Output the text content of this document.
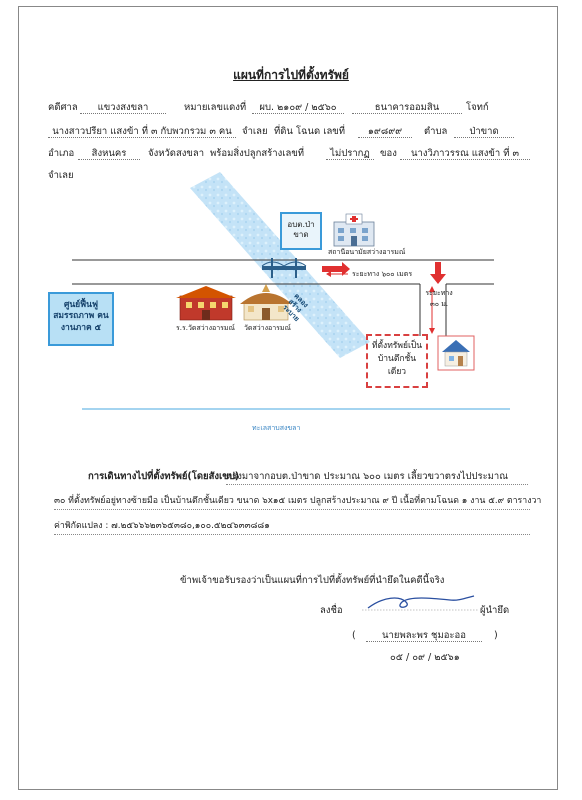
แผนที่การไปที่ตั้งทรัพย์
คดีศาล	แขวงสงขลา	หมายเลขแดงที่	ผบ. ๒๑๐๙ / ๒๕๖๐	ธนาคารออมสิน	โจทก์
นางสาวปรียา แสงข้า ที่ ๓ กับพวกรวม ๓ คน	จำเลย ที่ดิน โฉนด เลขที่	๑๙๘๙๙	ตำบล	ป่าขาด
อำเภอ	สิงหนคร	จังหวัดสงขลา พร้อมสิ่งปลูกสร้างเลขที่	ไม่ปรากฏ	ของ	นางวิภาวรรณ แสงข้า ที่ ๓
จำเลย
อบต.ป่า ขาด
สถานีอนามัยสว่างอารมณ์
ระยะทาง ๖๐๐ เมตร
ระยะทาง ๓๐ ม.
คลองสร้างระบาย
ศูนย์ฟื้นฟู สมรรถภาพ คนงานภาค ๕	ร.ร.วัดสว่างอารมณ์ วัดสว่างอารมณ์
ที่ตั้งทรัพย์เป็น บ้านตึกชั้น เดียว
ทะเลสาบสงขลา
การเดินทางไปที่ตั้งทรัพย์(โดยสังเขป)
ตรงมาจากอบต.ป่าขาด ประมาณ ๖๐๐ เมตร เลี้ยวขวาตรงไปประมาณ
๓๐ ที่ตั้งทรัพย์อยู่ทางซ้ายมือ เป็นบ้านตึกชั้นเดียว ขนาด ๖x๑๕ เมตร ปลูกสร้างประมาณ ๙ ปี เนื้อที่ตามโฉนด ๑ งาน ๕.๙ ตารางวา
ค่าพิกัดแปลง : ๗.๒๕๖๖๖๒๓๖๕๓๘๐,๑๐๐.๕๒๔๖๓๓๘๘๑
ข้าพเจ้าขอรับรองว่าเป็นแผนที่การไปที่ตั้งทรัพย์ที่นำยึดในคดีนี้จริง
ลงชื่อ	ผู้นำยึด
(	นายพละพร ชุมอะออ	)
๐๕ / ๐๙ / ๒๕๖๑
